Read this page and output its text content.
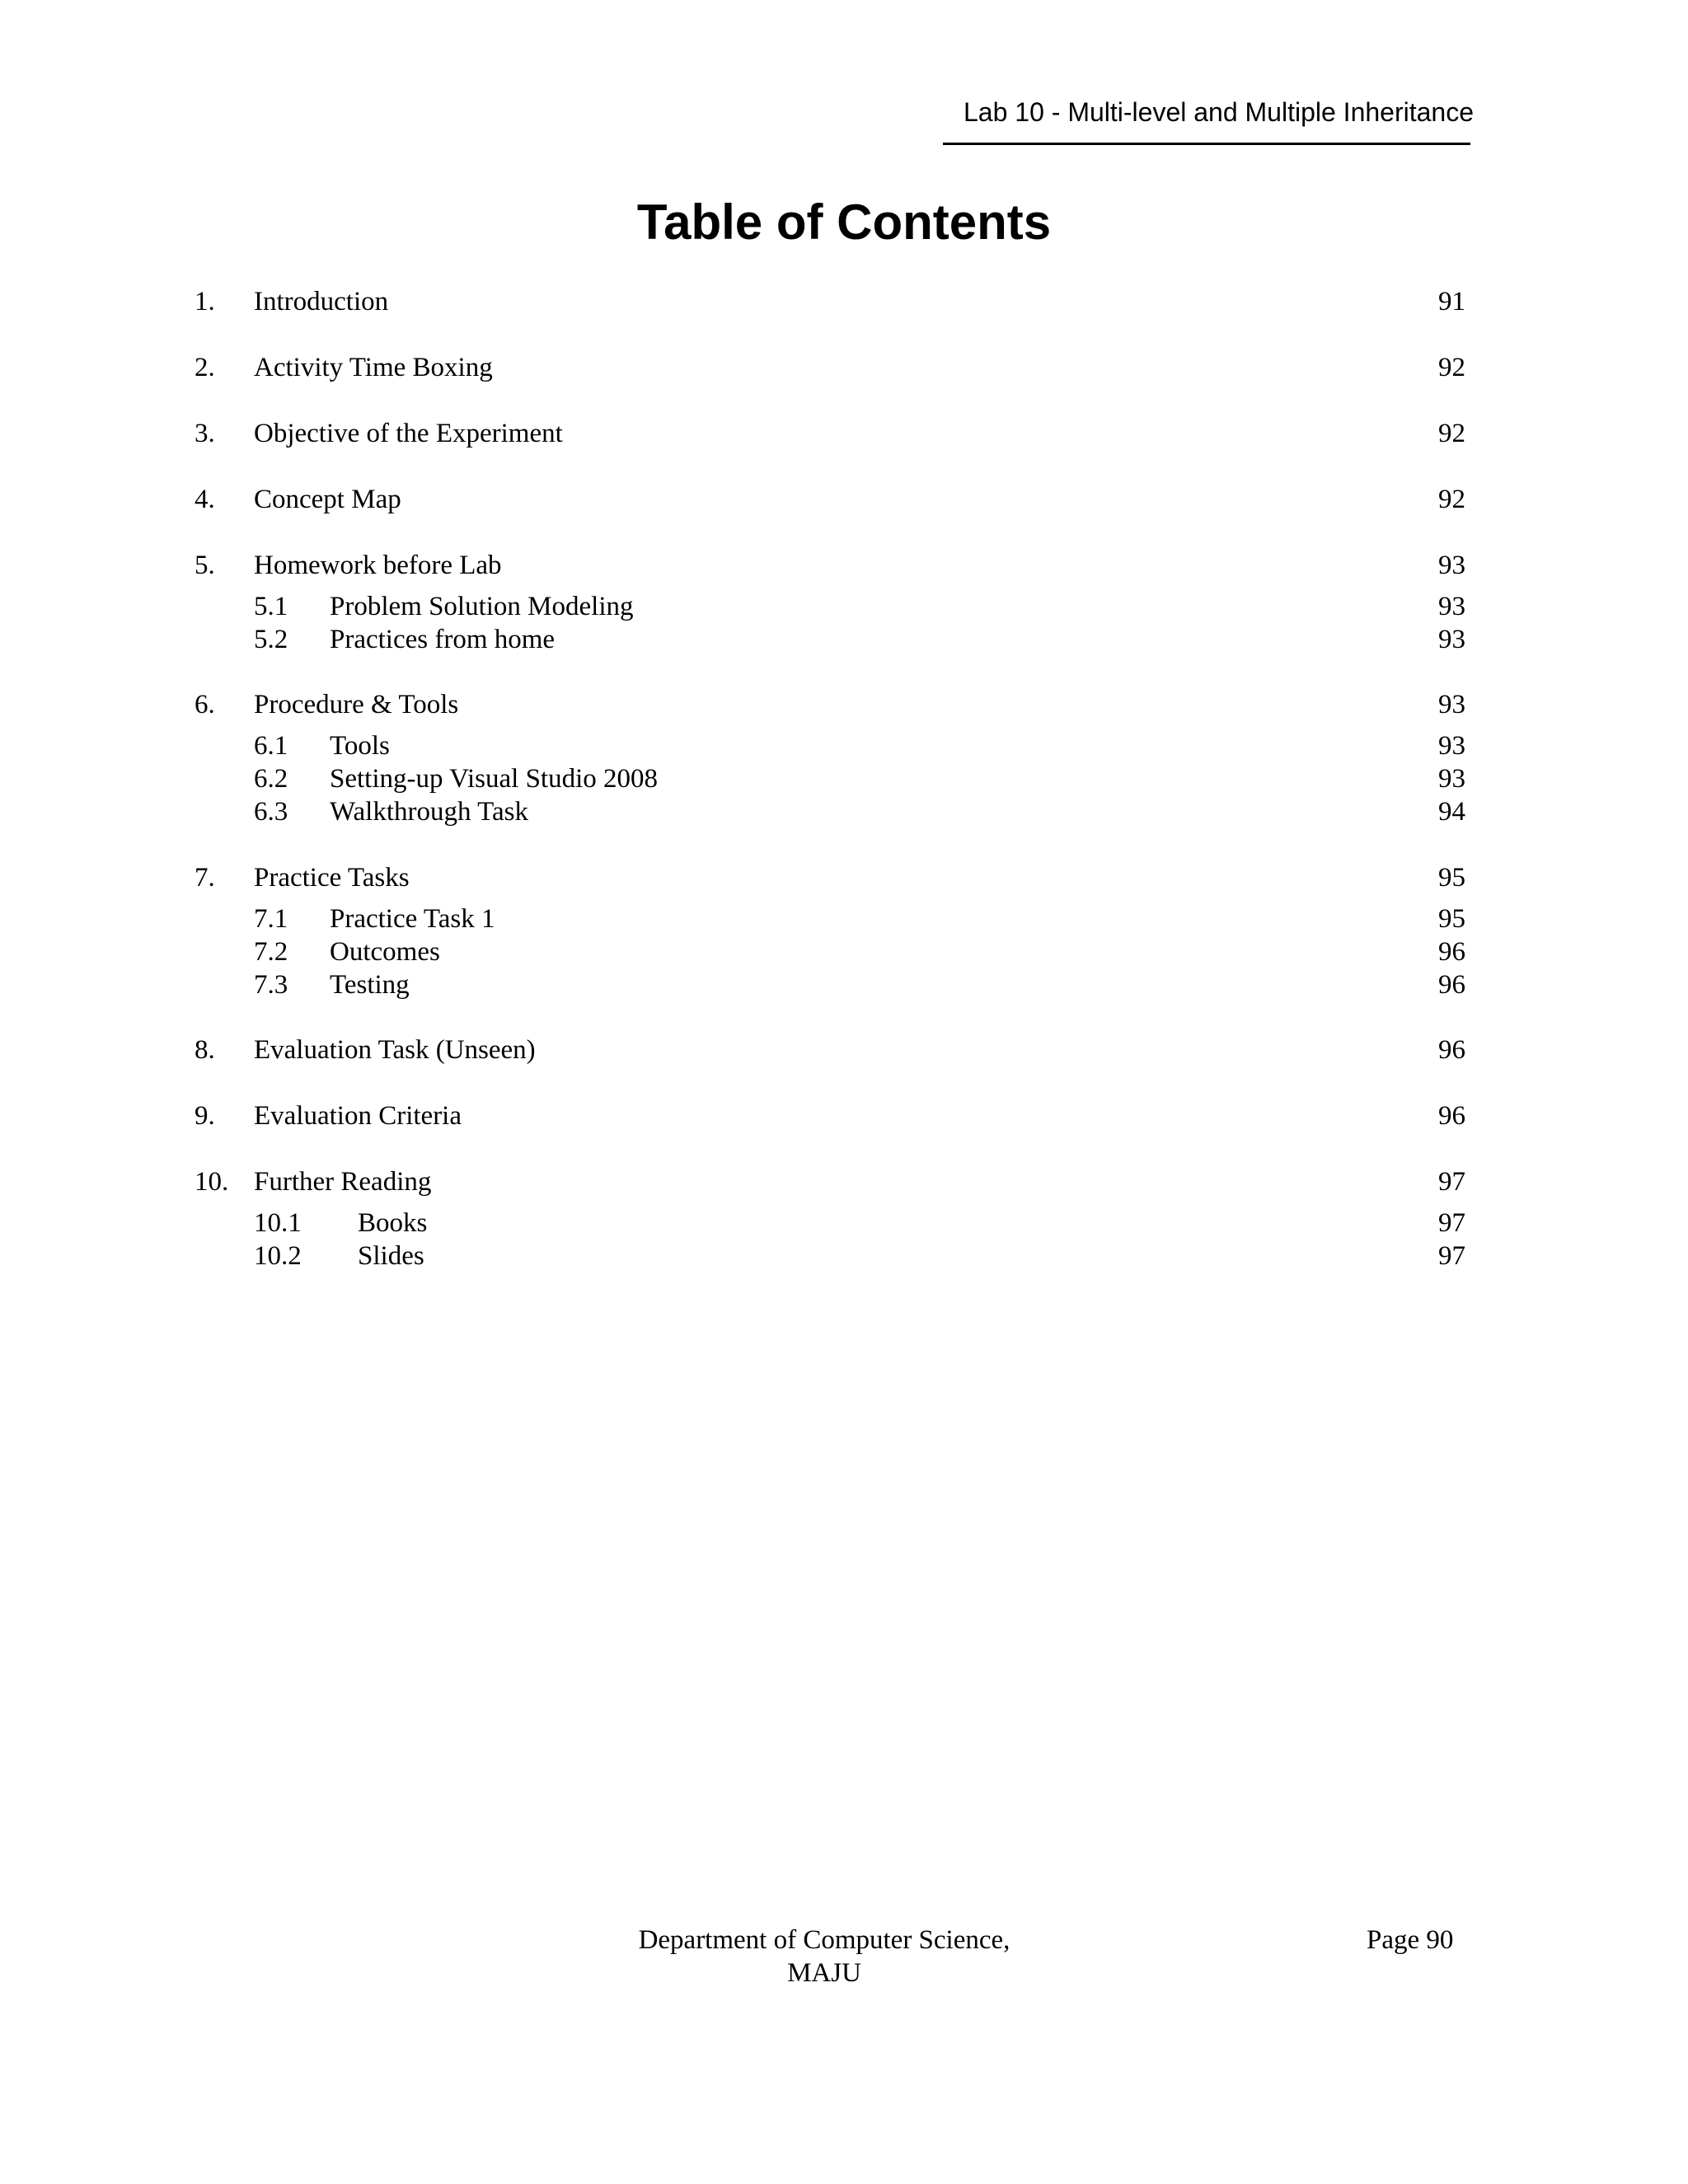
Lab 10 - Multi-level and Multiple Inheritance
Table of Contents
1. Introduction	91
2. Activity Time Boxing	92
3. Objective of the Experiment	92
4. Concept Map	92
5. Homework before Lab	93
5.1 Problem Solution Modeling	93
5.2 Practices from home	93
6. Procedure & Tools	93
6.1 Tools	93
6.2 Setting-up Visual Studio 2008	93
6.3 Walkthrough Task	94
7. Practice Tasks	95
7.1 Practice Task 1	95
7.2 Outcomes	96
7.3 Testing	96
8. Evaluation Task (Unseen)	96
9. Evaluation Criteria	96
10. Further Reading	97
10.1 Books	97
10.2 Slides	97
Department of Computer Science,
MAJU
Page 90
